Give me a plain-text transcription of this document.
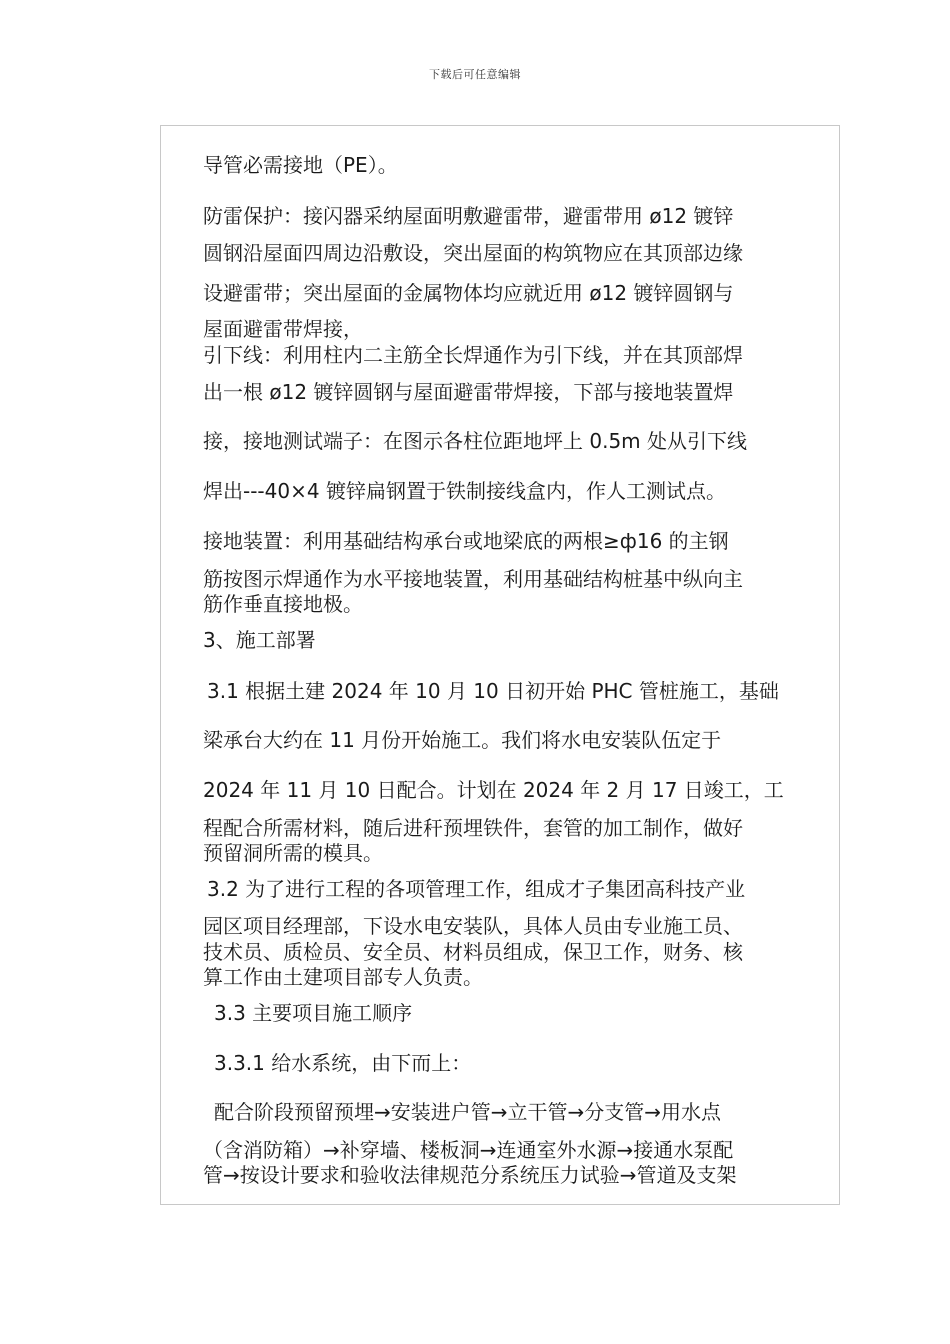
下载后可任意编辑
导管必需接地（PE）。
防雷保护：接闪器采纳屋面明敷避雷带，避雷带用 ø12 镀锌
圆钢沿屋面四周边沿敷设，突出屋面的构筑物应在其顶部边缘
设避雷带；突出屋面的金属物体均应就近用 ø12 镀锌圆钢与
屋面避雷带焊接，
引下线：利用柱内二主筋全长焊通作为引下线，并在其顶部焊
出一根 ø12 镀锌圆钢与屋面避雷带焊接，下部与接地装置焊
接，接地测试端子：在图示各柱位距地坪上 0.5m 处从引下线
焊出---40×4 镀锌扁钢置于铁制接线盒内，作人工测试点。
接地装置：利用基础结构承台或地梁底的两根≥ф16 的主钢
筋按图示焊通作为水平接地装置，利用基础结构桩基中纵向主
筋作垂直接地极。
3、施工部署
3.1 根据土建 2024 年 10 月 10 日初开始 PHC 管桩施工，基础
梁承台大约在 11 月份开始施工。我们将水电安装队伍定于
2024 年 11 月 10 日配合。计划在 2024 年 2 月 17 日竣工，工
程配合所需材料，随后进秆预埋铁件，套管的加工制作，做好
预留洞所需的模具。
3.2 为了进行工程的各项管理工作，组成才子集团高科技产业
园区项目经理部，下设水电安装队，具体人员由专业施工员、
技术员、质检员、安全员、材料员组成，保卫工作，财务、核
算工作由土建项目部专人负责。
3.3 主要项目施工顺序
3.3.1 给水系统，由下而上：
配合阶段预留预埋→安装进户管→立干管→分支管→用水点
（含消防箱）→补穿墙、楼板洞→连通室外水源→接通水泵配
管→按设计要求和验收法律规范分系统压力试验→管道及支架
